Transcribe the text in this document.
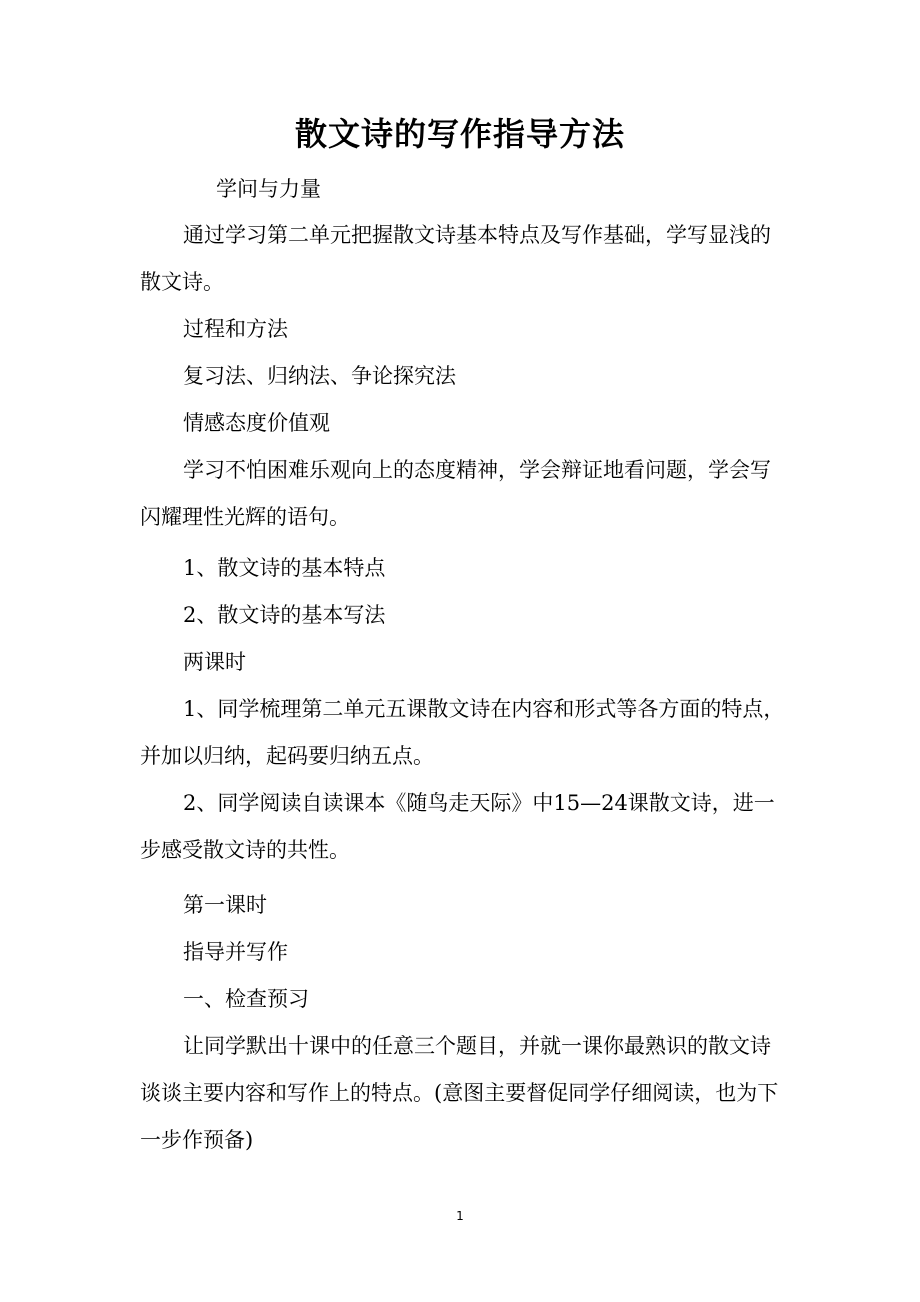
散文诗的写作指导方法

学问与力量

通过学习第二单元把握散文诗基本特点及写作基础，学写显浅的散文诗。

过程和方法

复习法、归纳法、争论探究法

情感态度价值观

学习不怕困难乐观向上的态度精神，学会辩证地看问题，学会写闪耀理性光辉的语句。

1、散文诗的基本特点

2、散文诗的基本写法

两课时

1、同学梳理第二单元五课散文诗在内容和形式等各方面的特点，并加以归纳，起码要归纳五点。

2、同学阅读自读课本《随鸟走天际》中15—24课散文诗，进一步感受散文诗的共性。

第一课时

指导并写作

一、检查预习

让同学默出十课中的任意三个题目，并就一课你最熟识的散文诗谈谈主要内容和写作上的特点。(意图主要督促同学仔细阅读，也为下一步作预备)

1
